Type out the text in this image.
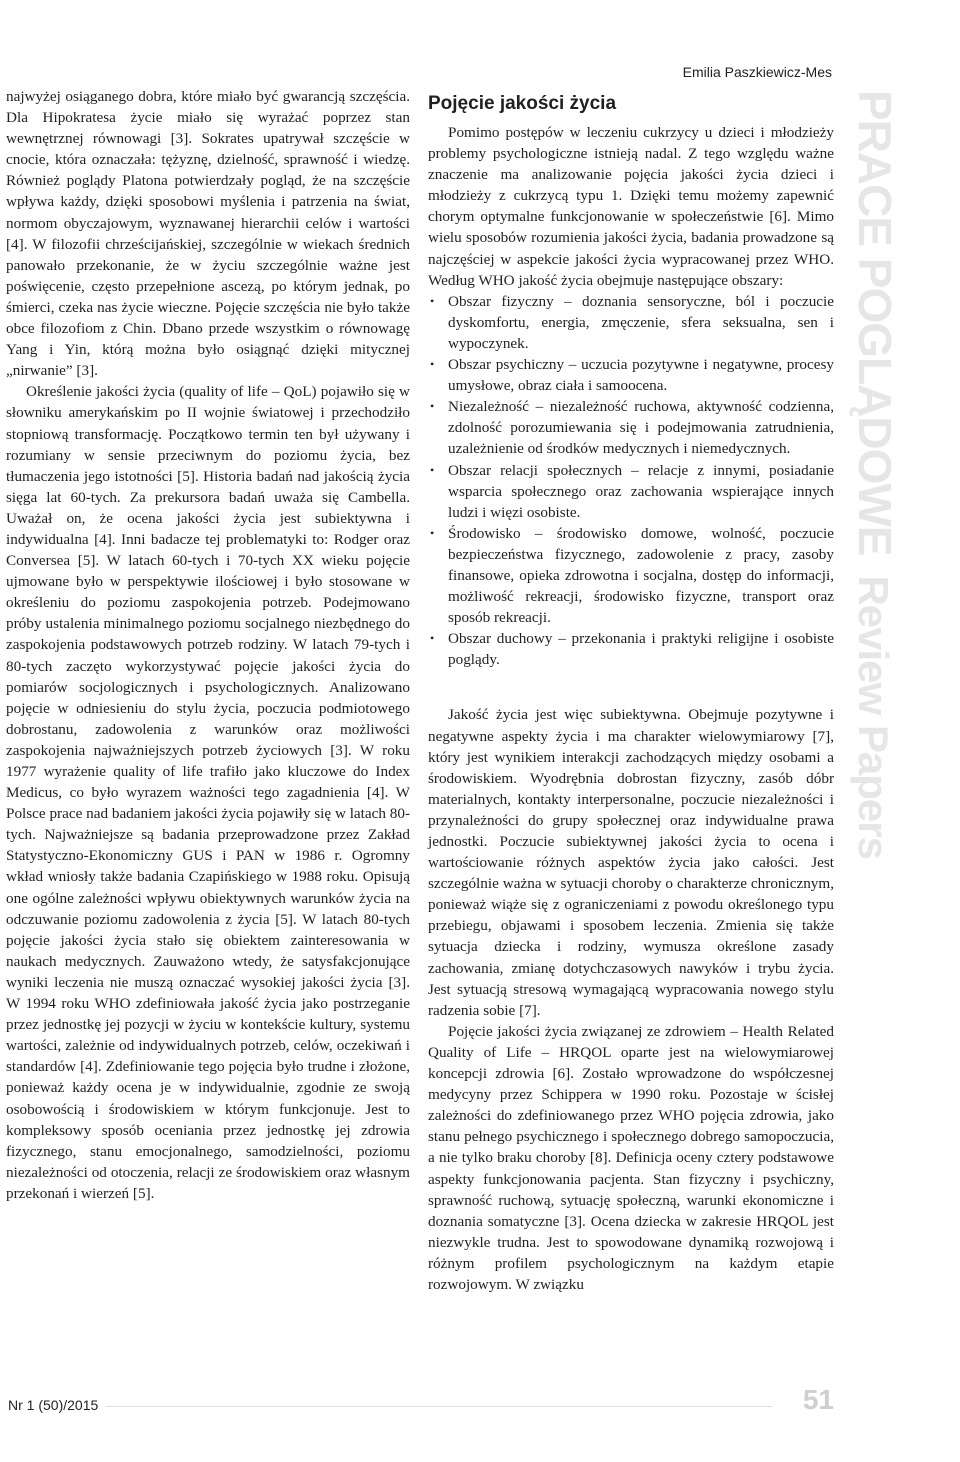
Emilia Paszkiewicz-Mes

najwyżej osiąganego dobra, które miało być gwarancją szczęścia. Dla Hipokratesa życie miało się wyrażać poprzez stan wewnętrznej równowagi [3]. Sokrates upatrywał szczęście w cnocie, która oznaczała: tężyznę, dzielność, sprawność i wiedzę. Również poglądy Platona potwierdzały pogląd, że na szczęście wpływa każdy, dzięki sposobowi myślenia i patrzenia na świat, normom obyczajowym, wyznawanej hierarchii celów i wartości [4]. W filozofii chrześcijańskiej, szczególnie w wiekach średnich panowało przekonanie, że w życiu szczególnie ważne jest poświęcenie, często przepełnione ascezą, po którym jednak, po śmierci, czeka nas życie wieczne. Pojęcie szczęścia nie było także obce filozofiom z Chin. Dbano przede wszystkim o równowagę Yang i Yin, którą można było osiągnąć dzięki mitycznej „nirwanie” [3].

Określenie jakości życia (quality of life – QoL) pojawiło się w słowniku amerykańskim po II wojnie światowej i przechodziło stopniową transformację. Początkowo termin ten był używany i rozumiany w sensie przeciwnym do poziomu życia, bez tłumaczenia jego istotności [5]. Historia badań nad jakością życia sięga lat 60-tych. Za prekursora badań uważa się Cambella. Uważał on, że ocena jakości życia jest subiektywna i indywidualna [4]. Inni badacze tej problematyki to: Rodger oraz Conversea [5]. W latach 60-tych i 70-tych XX wieku pojęcie ujmowane było w perspektywie ilościowej i było stosowane w określeniu do poziomu zaspokojenia potrzeb. Podejmowano próby ustalenia minimalnego poziomu socjalnego niezbędnego do zaspokojenia podstawowych potrzeb rodziny. W latach 79-tych i 80-tych zaczęto wykorzystywać pojęcie jakości życia do pomiarów socjologicznych i psychologicznych. Analizowano pojęcie w odniesieniu do stylu życia, poczucia podmiotowego dobrostanu, zadowolenia z warunków oraz możliwości zaspokojenia najważniejszych potrzeb życiowych [3]. W roku 1977 wyrażenie quality of life trafiło jako kluczowe do Index Medicus, co było wyrazem ważności tego zagadnienia [4]. W Polsce prace nad badaniem jakości życia pojawiły się w latach 80-tych. Najważniejsze są badania przeprowadzone przez Zakład Statystyczno-Ekonomiczny GUS i PAN w 1986 r. Ogromny wkład wniosły także badania Czapińskiego w 1988 roku. Opisują one ogólne zależności wpływu obiektywnych warunków życia na odczuwanie poziomu zadowolenia z życia [5]. W latach 80-tych pojęcie jakości życia stało się obiektem zainteresowania w naukach medycznych. Zauważono wtedy, że satysfakcjonujące wyniki leczenia nie muszą oznaczać wysokiej jakości życia [3]. W 1994 roku WHO zdefiniowała jakość życia jako postrzeganie przez jednostkę jej pozycji w życiu w kontekście kultury, systemu wartości, zależnie od indywidualnych potrzeb, celów, oczekiwań i standardów [4]. Zdefiniowanie tego pojęcia było trudne i złożone, ponieważ każdy ocena je w indywidualnie, zgodnie ze swoją osobowością i środowiskiem w którym funkcjonuje. Jest to kompleksowy sposób oceniania przez jednostkę jej zdrowia fizycznego, stanu emocjonalnego, samodzielności, poziomu niezależności od otoczenia, relacji ze środowiskiem oraz własnym przekonań i wierzeń [5].

Pojęcie jakości życia

Pomimo postępów w leczeniu cukrzycy u dzieci i młodzieży problemy psychologiczne istnieją nadal. Z tego względu ważne znaczenie ma analizowanie pojęcia jakości życia dzieci i młodzieży z cukrzycą typu 1. Dzięki temu możemy zapewnić chorym optymalne funkcjonowanie w społeczeństwie [6]. Mimo wielu sposobów rozumienia jakości życia, badania prowadzone są najczęściej w aspekcie jakości życia wypracowanej przez WHO. Według WHO jakość życia obejmuje następujące obszary:

• Obszar fizyczny – doznania sensoryczne, ból i poczucie dyskomfortu, energia, zmęczenie, sfera seksualna, sen i wypoczynek.
• Obszar psychiczny – uczucia pozytywne i negatywne, procesy umysłowe, obraz ciała i samoocena.
• Niezależność – niezależność ruchowa, aktywność codzienna, zdolność porozumiewania się i podejmowania zatrudnienia, uzależnienie od środków medycznych i niemedycznych.
• Obszar relacji społecznych – relacje z innymi, posiadanie wsparcia społecznego oraz zachowania wspierające innych ludzi i więzi osobiste.
• Środowisko – środowisko domowe, wolność, poczucie bezpieczeństwa fizycznego, zadowolenie z pracy, zasoby finansowe, opieka zdrowotna i socjalna, dostęp do informacji, możliwość rekreacji, środowisko fizyczne, transport oraz sposób rekreacji.
• Obszar duchowy – przekonania i praktyki religijne i osobiste poglądy.

Jakość życia jest więc subiektywna. Obejmuje pozytywne i negatywne aspekty życia i ma charakter wielowymiarowy [7], który jest wynikiem interakcji zachodzących między osobami a środowiskiem. Wyodrębnia dobrostan fizyczny, zasób dóbr materialnych, kontakty interpersonalne, poczucie niezależności i przynależności do grupy społecznej oraz indywidualne prawa jednostki. Poczucie subiektywnej jakości życia to ocena i wartościowanie różnych aspektów życia jako całości. Jest szczególnie ważna w sytuacji choroby o charakterze chronicznym, ponieważ wiąże się z ograniczeniami z powodu określonego typu przebiegu, objawami i sposobem leczenia. Zmienia się także sytuacja dziecka i rodziny, wymusza określone zasady zachowania, zmianę dotychczasowych nawyków i trybu życia. Jest sytuacją stresową wymagającą wypracowania nowego stylu radzenia sobie [7].

Pojęcie jakości życia związanej ze zdrowiem – Health Related Quality of Life – HRQOL oparte jest na wielowymiarowej koncepcji zdrowia [6]. Zostało wprowadzone do współczesnej medycyny przez Schippera w 1990 roku. Pozostaje w ścisłej zależności do zdefiniowanego przez WHO pojęcia zdrowia, jako stanu pełnego psychicznego i społecznego dobrego samopoczucia, a nie tylko braku choroby [8]. Definicja oceny cztery podstawowe aspekty funkcjonowania pacjenta. Stan fizyczny i psychiczny, sprawność ruchową, sytuację społeczną, warunki ekonomiczne i doznania somatyczne [3]. Ocena dziecka w zakresie HRQOL jest niezwykle trudna. Jest to spowodowane dynamiką rozwojową i różnym profilem psychologicznym na każdym etapie rozwojowym. W związku

PRACE POGLĄDOWEReview Papers
Nr 1 (50)/2015	51
